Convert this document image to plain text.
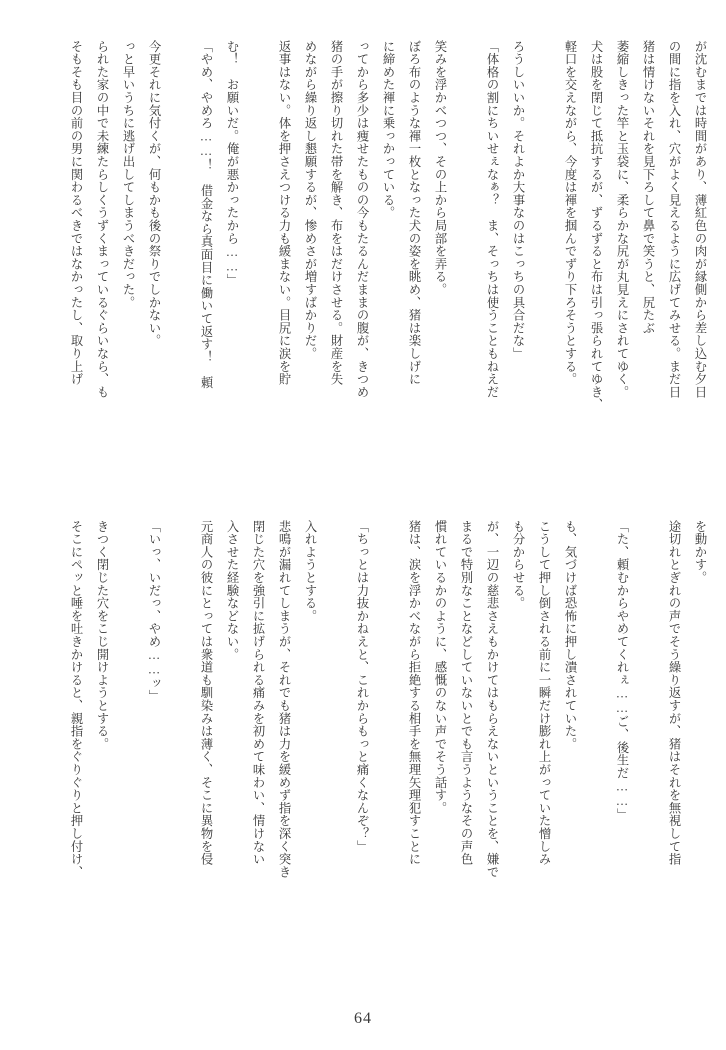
そもそも目の前の男に関わるべきではなかったし、取り上げ られた家の中で未練たらしくうずくまっているぐらいなら、も っと早いうちに逃げ出してしまうべきだった。 今更それに気付くが、何もかも後の祭りでしかない。	「やめ、やめろ……！　借金なら真面目に働いて返す！　頼 む！　お願いだ。俺が悪かったから……」	返事はない。体を押さえつける力も緩まない。目尻に涙を貯 めながら繰り返し懇願するが、惨めさが増すばかりだ。 猪の手が擦り切れた帯を解き、布をはだけさせる。財産を失 ってから多少は痩せたものの今もたるんだままの腹が、きつめ に締めた褌に乗っかっている。 ぼろ布のような褌一枚となった犬の姿を眺め、猪は楽しげに 笑みを浮かべつつ、その上から局部を弄る。	「体格の割にちいせぇなぁ？　ま、そっちは使うこともねえだ ろうしいいか。それよか大事なのはこっちの具合だな」	軽口を交えながら、今度は褌を掴んでずり下ろそうとする。 犬は股を閉じて抵抗するが、ずるずると布は引っ張られてゆき、 萎縮しきった竿と玉袋に、柔らかな尻が丸見えにされてゆく。 猪は情けないそれを見下ろして鼻で笑うと、尻たぶ の間に指を入れ、穴がよく見えるように広げてみせる。まだ日 が沈むまでは時間があり、薄紅色の肉が縁側から差し込む夕日
そこにペッと唾を吐きかけると、親指をぐりぐりと押し付け、 きつく閉じた穴をこじ開けようとする。	「いっ、いだっ、やめ……ッ」	元商人の彼にとっては衆道も馴染みは薄く、そこに異物を侵 入させた経験などない。 閉じた穴を強引に拡げられる痛みを初めて味わい、情けない 悲鳴が漏れてしまうが、それでも猪は力を緩めず指を深く突き 入れようとする。	「ちっとは力抜かねえと、これからもっと痛くなんぞ？」	猪は、涙を浮かべながら拒絶する相手を無理矢理犯すことに 慣れているかのように、感慨のない声でそう話す。 まるで特別なことなどしていないとでも言うようなその声色 が、一辺の慈悲さえもかけてはもらえないということを、嫌で も分からせる。 こうして押し倒される前に一瞬だけ膨れ上がっていた憎しみ も、気づけば恐怖に押し潰されていた。	「た、頼むからやめてくれぇ……ご、後生だ……」	途切れとぎれの声でそう繰り返すが、猪はそれを無視して指 を動かす。
64
